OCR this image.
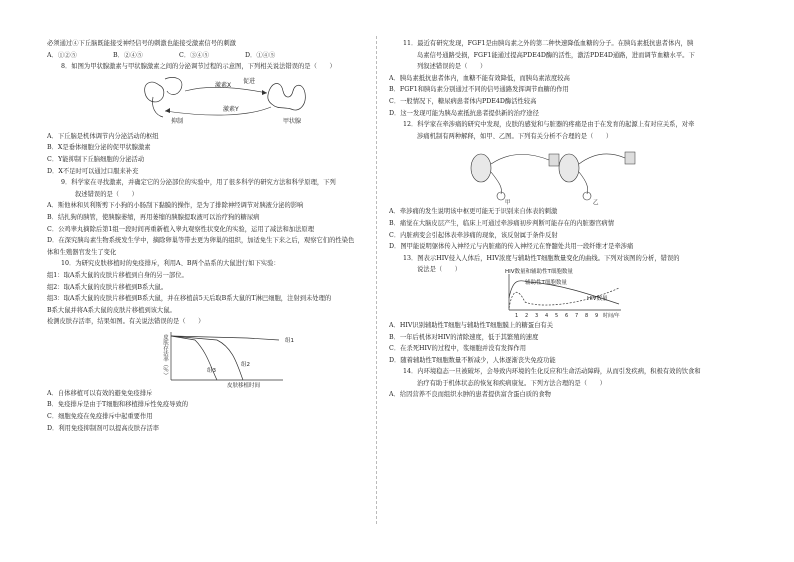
必须通过④下丘脑既能接受神经信号的刺激也能接受激素信号的刺激
A．①②⑤	B．②④⑤	C．③④⑤	D．①④⑤
8．如图为甲状腺激素与甲状腺激素之间的分泌调节过程的示意图，下列相关说法错误的是（　　）
激素X
促进
激素Y
抑制	甲状腺
A．下丘脑是机体调节内分泌活动的枢纽
B．X是垂体细胞分泌的促甲状腺激素
C．Y能抑制下丘脑细胞的分泌活动
D．X不足时可以通过口服来补充
9．科学家在寻找激素，并确定它的分泌部位的实验中，用了很多科学的研究方法和科学原理，下列
叙述错误的是（　　）
A．斯他林和贝利斯剪下小狗的小肠刮下黏膜的操作，是为了排除神经调节对胰液分泌的影响
B．结扎狗的胰管，使胰腺萎缩，再用萎缩的胰腺提取液可以治疗狗的糖尿病
C．公鸡睾丸摘除后第1组一段时间再重新植入睾丸观察性状变化的实验，运用了减法和加法原理
D．在深究胰岛素生物系统发生学中，摘除卵巢等带去更为卵巢的组织，加适免生下来之后，观察它们的性染色
体和生殖器官发生了变化
10．为研究皮肤移植时的免疫排斥，利用A、B两个品系的大鼠进行如下实验：
组1：取A系大鼠的皮肤片移植到自身的另一部位。
组2：取A系大鼠的皮肤片移植到B系大鼠。
组3：取A系大鼠的皮肤片移植到B系大鼠，并在移植前5天后取B系大鼠的T淋巴细胞，注射到未处理的
B系大鼠并将A系大鼠的皮肤片移植到该大鼠。
检测皮肤存活率，结果如图。有关说法错误的是（　　）
皮肤存活率（％）
皮肤移植时间
组1
组2
组3
A．自体移植可以有效的避免免疫排斥
B．免疫排斥是由于T细胞和移植排斥性免疫导致的
C．细胞免疫在免疫排斥中起重要作用
D．利用免疫抑制剂可以提高皮肤存活率
11．最近有研究发现，FGF1是由胰岛素之外的第二种快速降低血糖的分子。在胰岛素抵抗患者体内，胰
岛素信号通路受损，FGF1能通过提高PDE4D酶的活性，激活PDE4D通路，进而调节血糖水平。下
列叙述错误的是（　　）
A．胰岛素抵抗患者体内，血糖不能有效降低，而胰岛素浓度较高
B．FGF1和胰岛素分别通过不同的信号通路发挥调节血糖的作用
C．一般情况下，糖尿病患者体内PDE4D酶活性较高
D．这一发现可能为胰岛素抵抗患者提供新的治疗途径
12．科学家在牵涉痛的研究中发现，皮肤的感觉和与脏器的疼痛是由于在发育的起源上有对应关系，对牵
涉痛机制有两种解释，如甲、乙图。下列有关分析不合理的是（　　）
甲	乙
A．牵涉痛的发生说明该中枢更可能无于识别来自体表的刺激
B．痛觉在大脑皮层产生，临床上可通过牵涉痛初步判断可能存在的内脏器官病情
C．内脏病变会引起体表牵涉痛的现象，该反射属于条件反射
D．图甲能说明躯体传入神经元与内脏痛的传入神经元在脊髓处共用一段纤维才是牵涉痛
13．图表示HIV侵入人体后，HIV浓度与辅助性T细胞数量变化的曲线。下列对该图的分析，错误的
说法是（　　）	HIV数量和辅助性T细胞数量
辅助性T细胞数量
HIV数量
1 2 3 4 5 6 7 8 9 时间/年
A．HIV识别辅助性T细胞与辅助性T细胞膜上的糖蛋白有关
B．一年后机体对HIV的清除速度，低于其繁殖的速度
C．在杀死HIV的过程中，浆细胞并没有发挥作用
D．随着辅助性T细胞数量不断减少，人体逐渐丧失免疫功能
14．内环境稳态一旦被破坏，会导致内环境的生化反应和生命活动障碍，从而引发疾病，积极有效的饮食和
治疗有助于机体状态的恢复和疾病康复。下列方法合理的是（　　）
A．给因营养不良而组织水肿的患者提供富含蛋白质的食物
